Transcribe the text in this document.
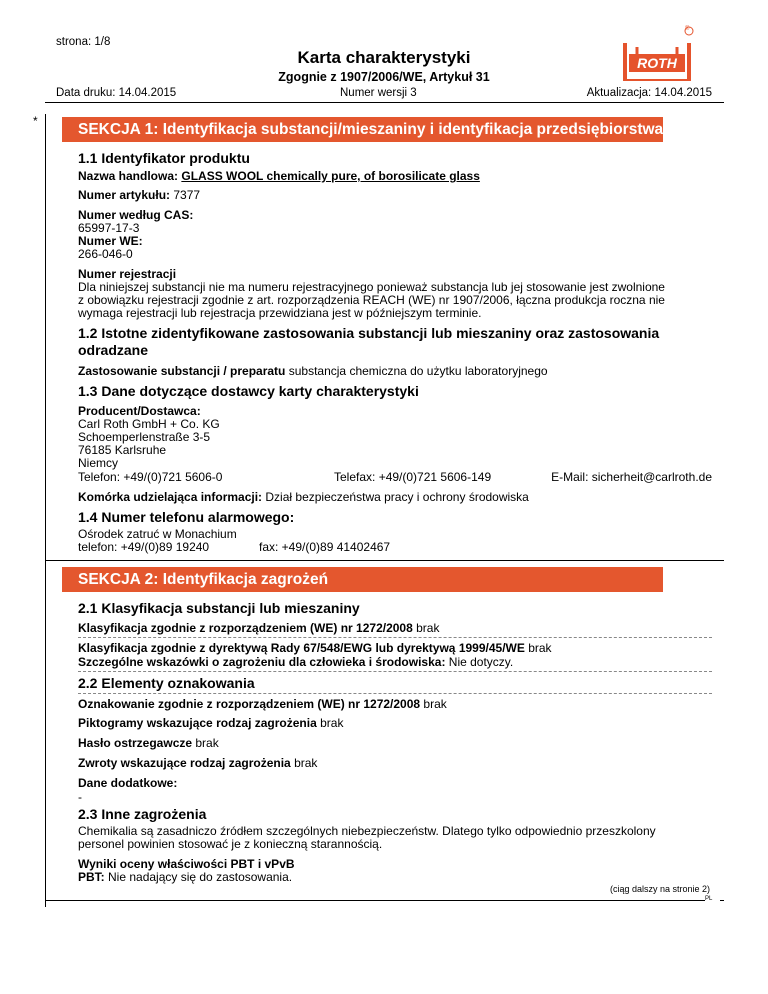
strona: 1/8
Karta charakterystyki
Zgognie z 1907/2006/WE, Artykuł 31
ROTH
®
Data druku: 14.04.2015	Numer wersji 3	Aktualizacja: 14.04.2015
*	SEKCJA 1: Identyfikacja substancji/mieszaniny i identyfikacja przedsiębiorstwa
1.1 Identyfikator produktu
Nazwa handlowa: GLASS WOOL chemically pure, of borosilicate glass
Numer artykułu: 7377
Numer według CAS:
65997-17-3
Numer WE:
266-046-0
Numer rejestracji
Dla niniejszej substancji nie ma numeru rejestracyjnego ponieważ substancja lub jej stosowanie jest zwolnione
z obowiązku rejestracji zgodnie z art. rozporządzenia REACH (WE) nr 1907/2006, łączna produkcja roczna nie
wymaga rejestracji lub rejestracja przewidziana jest w późniejszym terminie.
1.2 Istotne zidentyfikowane zastosowania substancji lub mieszaniny oraz zastosowania
odradzane
Zastosowanie substancji / preparatu substancja chemiczna do użytku laboratoryjnego
1.3 Dane dotyczące dostawcy karty charakterystyki
Producent/Dostawca:
Carl Roth GmbH + Co. KG
Schoemperlenstraße 3-5
76185 Karlsruhe
Niemcy
Telefon: +49/(0)721 5606-0	Telefax: +49/(0)721 5606-149	E-Mail: sicherheit@carlroth.de
Komórka udzielająca informacji: Dział bezpieczeństwa pracy i ochrony środowiska
1.4 Numer telefonu alarmowego:
Ośrodek zatruć w Monachium
telefon: +49/(0)89 19240	fax: +49/(0)89 41402467
SEKCJA 2: Identyfikacja zagrożeń
2.1 Klasyfikacja substancji lub mieszaniny
Klasyfikacja zgodnie z rozporządzeniem (WE) nr 1272/2008 brak
Klasyfikacja zgodnie z dyrektywą Rady 67/548/EWG lub dyrektywą 1999/45/WE brak
Szczególne wskazówki o zagrożeniu dla człowieka i środowiska: Nie dotyczy.
2.2 Elementy oznakowania
Oznakowanie zgodnie z rozporządzeniem (WE) nr 1272/2008 brak
Piktogramy wskazujące rodzaj zagrożenia brak
Hasło ostrzegawcze brak
Zwroty wskazujące rodzaj zagrożenia brak
Dane dodatkowe:
-
2.3 Inne zagrożenia
Chemikalia są zasadniczo źródłem szczególnych niebezpieczeństw. Dlatego tylko odpowiednio przeszkolony
personel powinien stosować je z konieczną starannością.
Wyniki oceny właściwości PBT i vPvB
PBT: Nie nadający się do zastosowania.
(ciąg dalszy na stronie 2)
PL
